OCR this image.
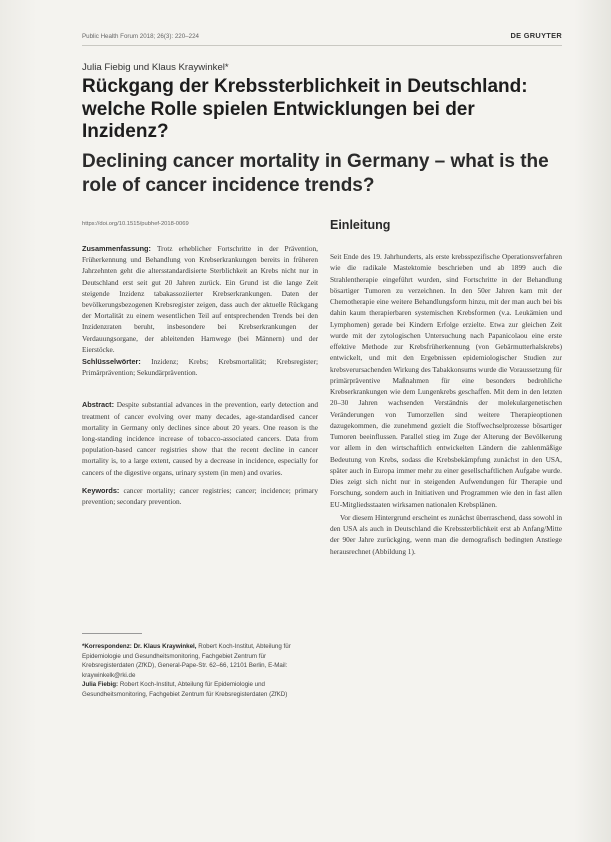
Public Health Forum 2018; 26(3): 220–224	DE GRUYTER
Julia Fiebig und Klaus Kraywinkel*
Rückgang der Krebssterblichkeit in Deutschland: welche Rolle spielen Entwicklungen bei der Inzidenz?
Declining cancer mortality in Germany – what is the role of cancer incidence trends?
https://doi.org/10.1515/pubhef-2018-0069

Zusammenfassung: Trotz erheblicher Fortschritte in der Prävention, Früherkennung und Behandlung von Krebserkrankungen bereits in früheren Jahrzehnten geht die altersstandardisierte Sterblichkeit an Krebs nicht nur in Deutschland erst seit gut 20 Jahren zurück. Ein Grund ist die lange Zeit steigende Inzidenz tabakassoziierter Krebserkrankungen. Daten der bevölkerungsbezogenen Krebsregister zeigen, dass auch der aktuelle Rückgang der Mortalität zu einem wesentlichen Teil auf entsprechenden Trends bei den Inzidenzraten beruht, insbesondere bei Krebserkrankungen der Verdauungsorgane, der ableitenden Harnwege (bei Männern) und der Eierstöcke.

Schlüsselwörter: Inzidenz; Krebs; Krebsmortalität; Krebsregister; Primärprävention; Sekundärprävention.

Abstract: Despite substantial advances in the prevention, early detection and treatment of cancer evolving over many decades, age-standardised cancer mortality in Germany only declines since about 20 years. One reason is the long-standing incidence increase of tobacco-associated cancers. Data from population-based cancer registries show that the recent decline in cancer mortality is, to a large extent, caused by a decrease in incidence, especially for cancers of the digestive organs, urinary system (in men) and ovaries.

Keywords: cancer mortality; cancer registries; cancer; incidence; primary prevention; secondary prevention.

*Korrespondenz: Dr. Klaus Kraywinkel, Robert Koch-Institut, Abteilung für Epidemiologie und Gesundheitsmonitoring, Fachgebiet Zentrum für Krebsregisterdaten (ZfKD), General-Pape-Str. 62–66, 12101 Berlin, E-Mail: kraywinkelk@rki.de

Julia Fiebig: Robert Koch-Institut, Abteilung für Epidemiologie und Gesundheitsmonitoring, Fachgebiet Zentrum für Krebsregisterdaten (ZfKD)

Einleitung

Seit Ende des 19. Jahrhunderts, als erste krebsspezifische Operationsverfahren wie die radikale Mastektomie beschrieben und ab 1899 auch die Strahlentherapie eingeführt wurden, sind Fortschritte in der Behandlung bösartiger Tumoren zu verzeichnen. In den 50er Jahren kam mit der Chemotherapie eine weitere Behandlungsform hinzu, mit der man auch bei bis dahin kaum therapierbaren systemischen Krebsformen (v.a. Leukämien und Lymphomen) gerade bei Kindern Erfolge erzielte. Etwa zur gleichen Zeit wurde mit der zytologischen Untersuchung nach Papanicolaou eine erste effektive Methode zur Krebsfrüherkennung (von Gebärmutterhalskrebs) entwickelt, und mit den Ergebnissen epidemiologischer Studien zur krebsverursachenden Wirkung des Tabakkonsums wurde die Voraussetzung für primärpräventive Maßnahmen für eine besonders bedrohliche Krebserkrankungen wie dem Lungenkrebs geschaffen. Mit dem in den letzten 20–30 Jahren wachsenden Verständnis der molekulargenetischen Veränderungen von Tumorzellen sind weitere Therapieoptionen dazugekommen, die zunehmend gezielt die Stoffwechselprozesse bösartiger Tumoren beeinflussen. Parallel stieg im Zuge der Alterung der Bevölkerung vor allem in den wirtschaftlich entwickelten Ländern die zahlenmäßige Bedeutung von Krebs, sodass die Krebsbekämpfung zunächst in den USA, später auch in Europa immer mehr zu einer gesellschaftlichen Aufgabe wurde. Dies zeigt sich nicht nur in steigenden Aufwendungen für Therapie und Forschung, sondern auch in Initiativen und Programmen wie den in fast allen EU-Mitgliedsstaaten wirksamen nationalen Krebsplänen.

Vor diesem Hintergrund erscheint es zunächst überraschend, dass sowohl in den USA als auch in Deutschland die Krebssterblichkeit erst ab Anfang/Mitte der 90er Jahre zurückging, wenn man die demografisch bedingten Anstiege herausrechnet (Abbildung 1).
